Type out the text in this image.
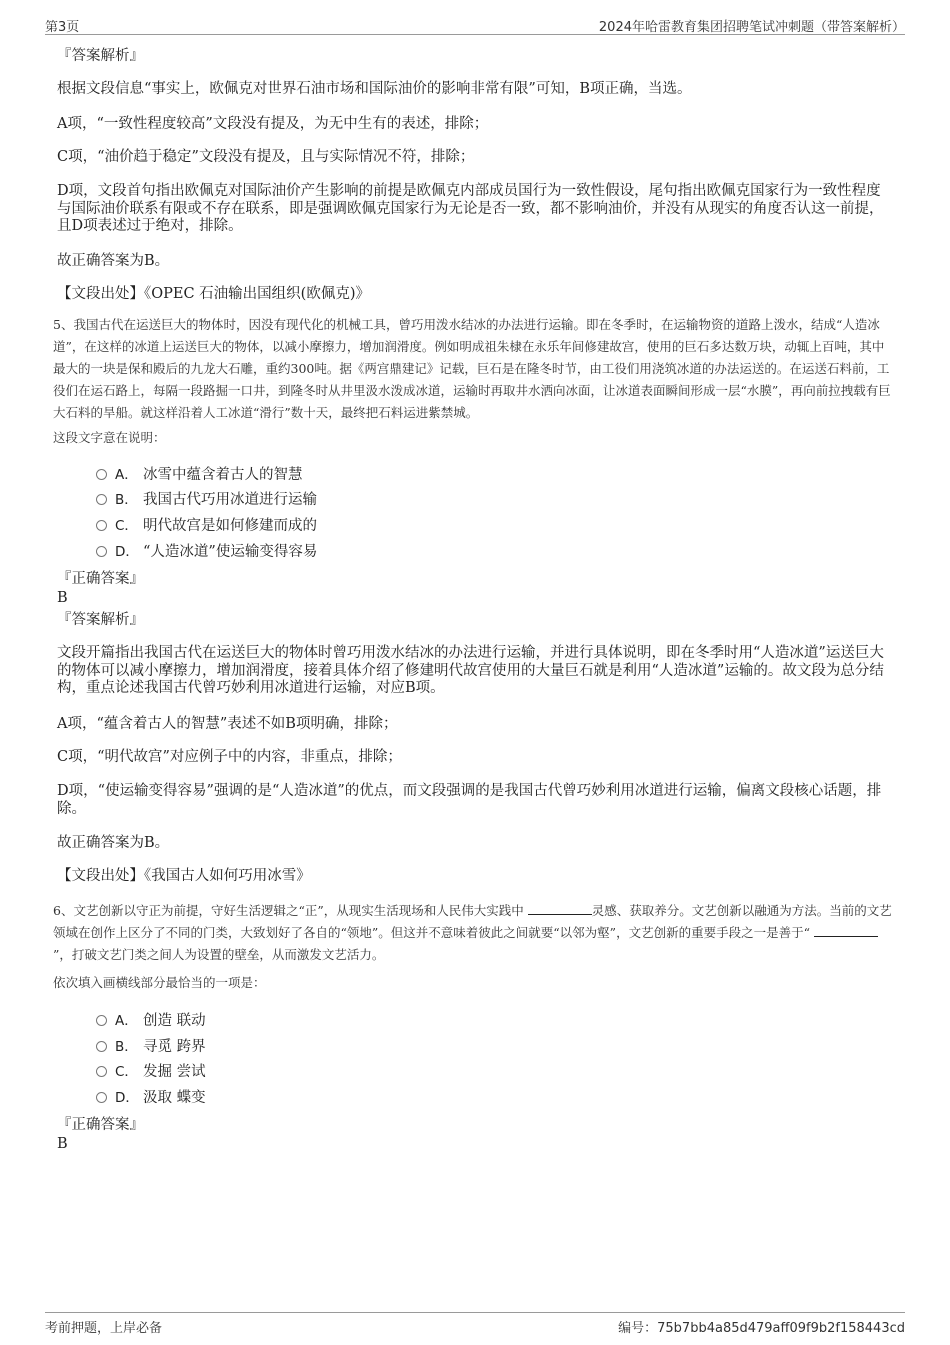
第3页	2024年哈雷教育集团招聘笔试冲刺题（带答案解析）
『答案解析』
根据文段信息“事实上，欧佩克对世界石油市场和国际油价的影响非常有限”可知，B项正确，当选。
A项，“一致性程度较高”文段没有提及，为无中生有的表述，排除；
C项，“油价趋于稳定”文段没有提及，且与实际情况不符，排除；
D项，文段首句指出欧佩克对国际油价产生影响的前提是欧佩克内部成员国行为一致性假设，尾句指出欧佩克国家行为一致性程度与国际油价联系有限或不存在联系，即是强调欧佩克国家行为无论是否一致，都不影响油价，并没有从现实的角度否认这一前提，且D项表述过于绝对，排除。
故正确答案为B。
【文段出处】《OPEC 石油输出国组织(欧佩克)》
5、我国古代在运送巨大的物体时，因没有现代化的机械工具，曾巧用泼水结冰的办法进行运输。即在冬季时，在运输物资的道路上泼水，结成“人造冰道”，在这样的冰道上运送巨大的物体，以减小摩擦力，增加润滑度。例如明成祖朱棣在永乐年间修建故宫，使用的巨石多达数万块，动辄上百吨，其中最大的一块是保和殿后的九龙大石雕，重约300吨。据《两宫鼎建记》记载，巨石是在隆冬时节，由工役们用浇筑冰道的办法运送的。在运送石料前，工役们在运石路上，每隔一段路掘一口井，到隆冬时从井里汲水泼成冰道，运输时再取井水洒向冰面，让冰道表面瞬间形成一层“水膜”，再向前拉拽载有巨大石料的旱船。就这样沿着人工冰道“滑行”数十天，最终把石料运进紫禁城。
这段文字意在说明：
A． 冰雪中蕴含着古人的智慧
B． 我国古代巧用冰道进行运输
C． 明代故宫是如何修建而成的
D． “人造冰道”使运输变得容易
『正确答案』
B
『答案解析』
文段开篇指出我国古代在运送巨大的物体时曾巧用泼水结冰的办法进行运输，并进行具体说明，即在冬季时用“人造冰道”运送巨大的物体可以减小摩擦力，增加润滑度，接着具体介绍了修建明代故宫使用的大量巨石就是利用“人造冰道”运输的。故文段为总分结构，重点论述我国古代曾巧妙利用冰道进行运输，对应B项。
A项，“蕴含着古人的智慧”表述不如B项明确，排除；
C项，“明代故宫”对应例子中的内容，非重点，排除；
D项，“使运输变得容易”强调的是“人造冰道”的优点，而文段强调的是我国古代曾巧妙利用冰道进行运输，偏离文段核心话题，排除。
故正确答案为B。
【文段出处】《我国古人如何巧用冰雪》
6、文艺创新以守正为前提，守好生活逻辑之“正”，从现实生活现场和人民伟大实践中	灵感、获取养分。文艺创新以融通为方法。当前的文艺领域在创作上区分了不同的门类，大致划好了各自的“领地”。但这并不意味着彼此之间就要“以邻为壑”，文艺创新的重要手段之一是善于“ ”，打破文艺门类之间人为设置的壁垒，从而激发文艺活力。
依次填入画横线部分最恰当的一项是：
A． 创造 联动
B． 寻觅 跨界
C． 发掘 尝试
D． 汲取 蝶变
『正确答案』
B
考前押题，上岸必备	编号：75b7bb4a85d479aff09f9b2f158443cd
